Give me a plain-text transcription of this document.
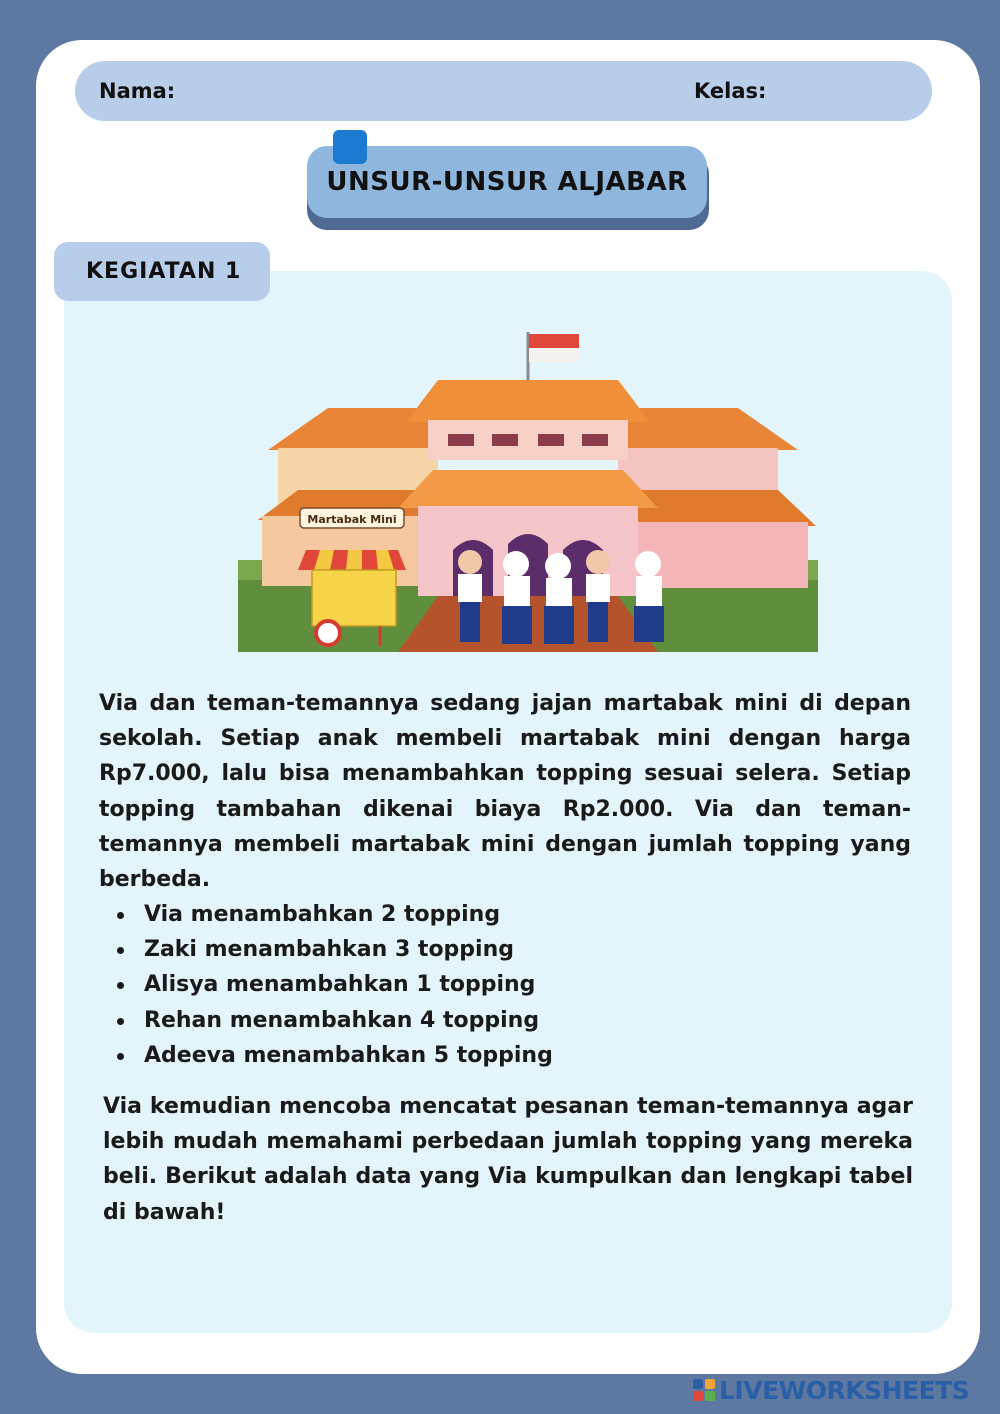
Nama:	Kelas:
UNSUR-UNSUR ALJABAR
KEGIATAN 1
Martabak Mini

Via dan teman-temannya sedang jajan martabak mini di depan sekolah. Setiap anak membeli martabak mini dengan harga Rp7.000, lalu bisa menambahkan topping sesuai selera. Setiap topping tambahan dikenai biaya Rp2.000. Via dan teman-temannya membeli martabak mini dengan jumlah topping yang berbeda.

Via menambahkan 2 topping
Zaki menambahkan 3 topping
Alisya menambahkan 1 topping
Rehan menambahkan 4 topping
Adeeva menambahkan 5 topping

Via kemudian mencoba mencatat pesanan teman-temannya agar lebih mudah memahami perbedaan jumlah topping yang mereka beli. Berikut adalah data yang Via kumpulkan dan lengkapi tabel di bawah!

LIVEWORKSHEETS
